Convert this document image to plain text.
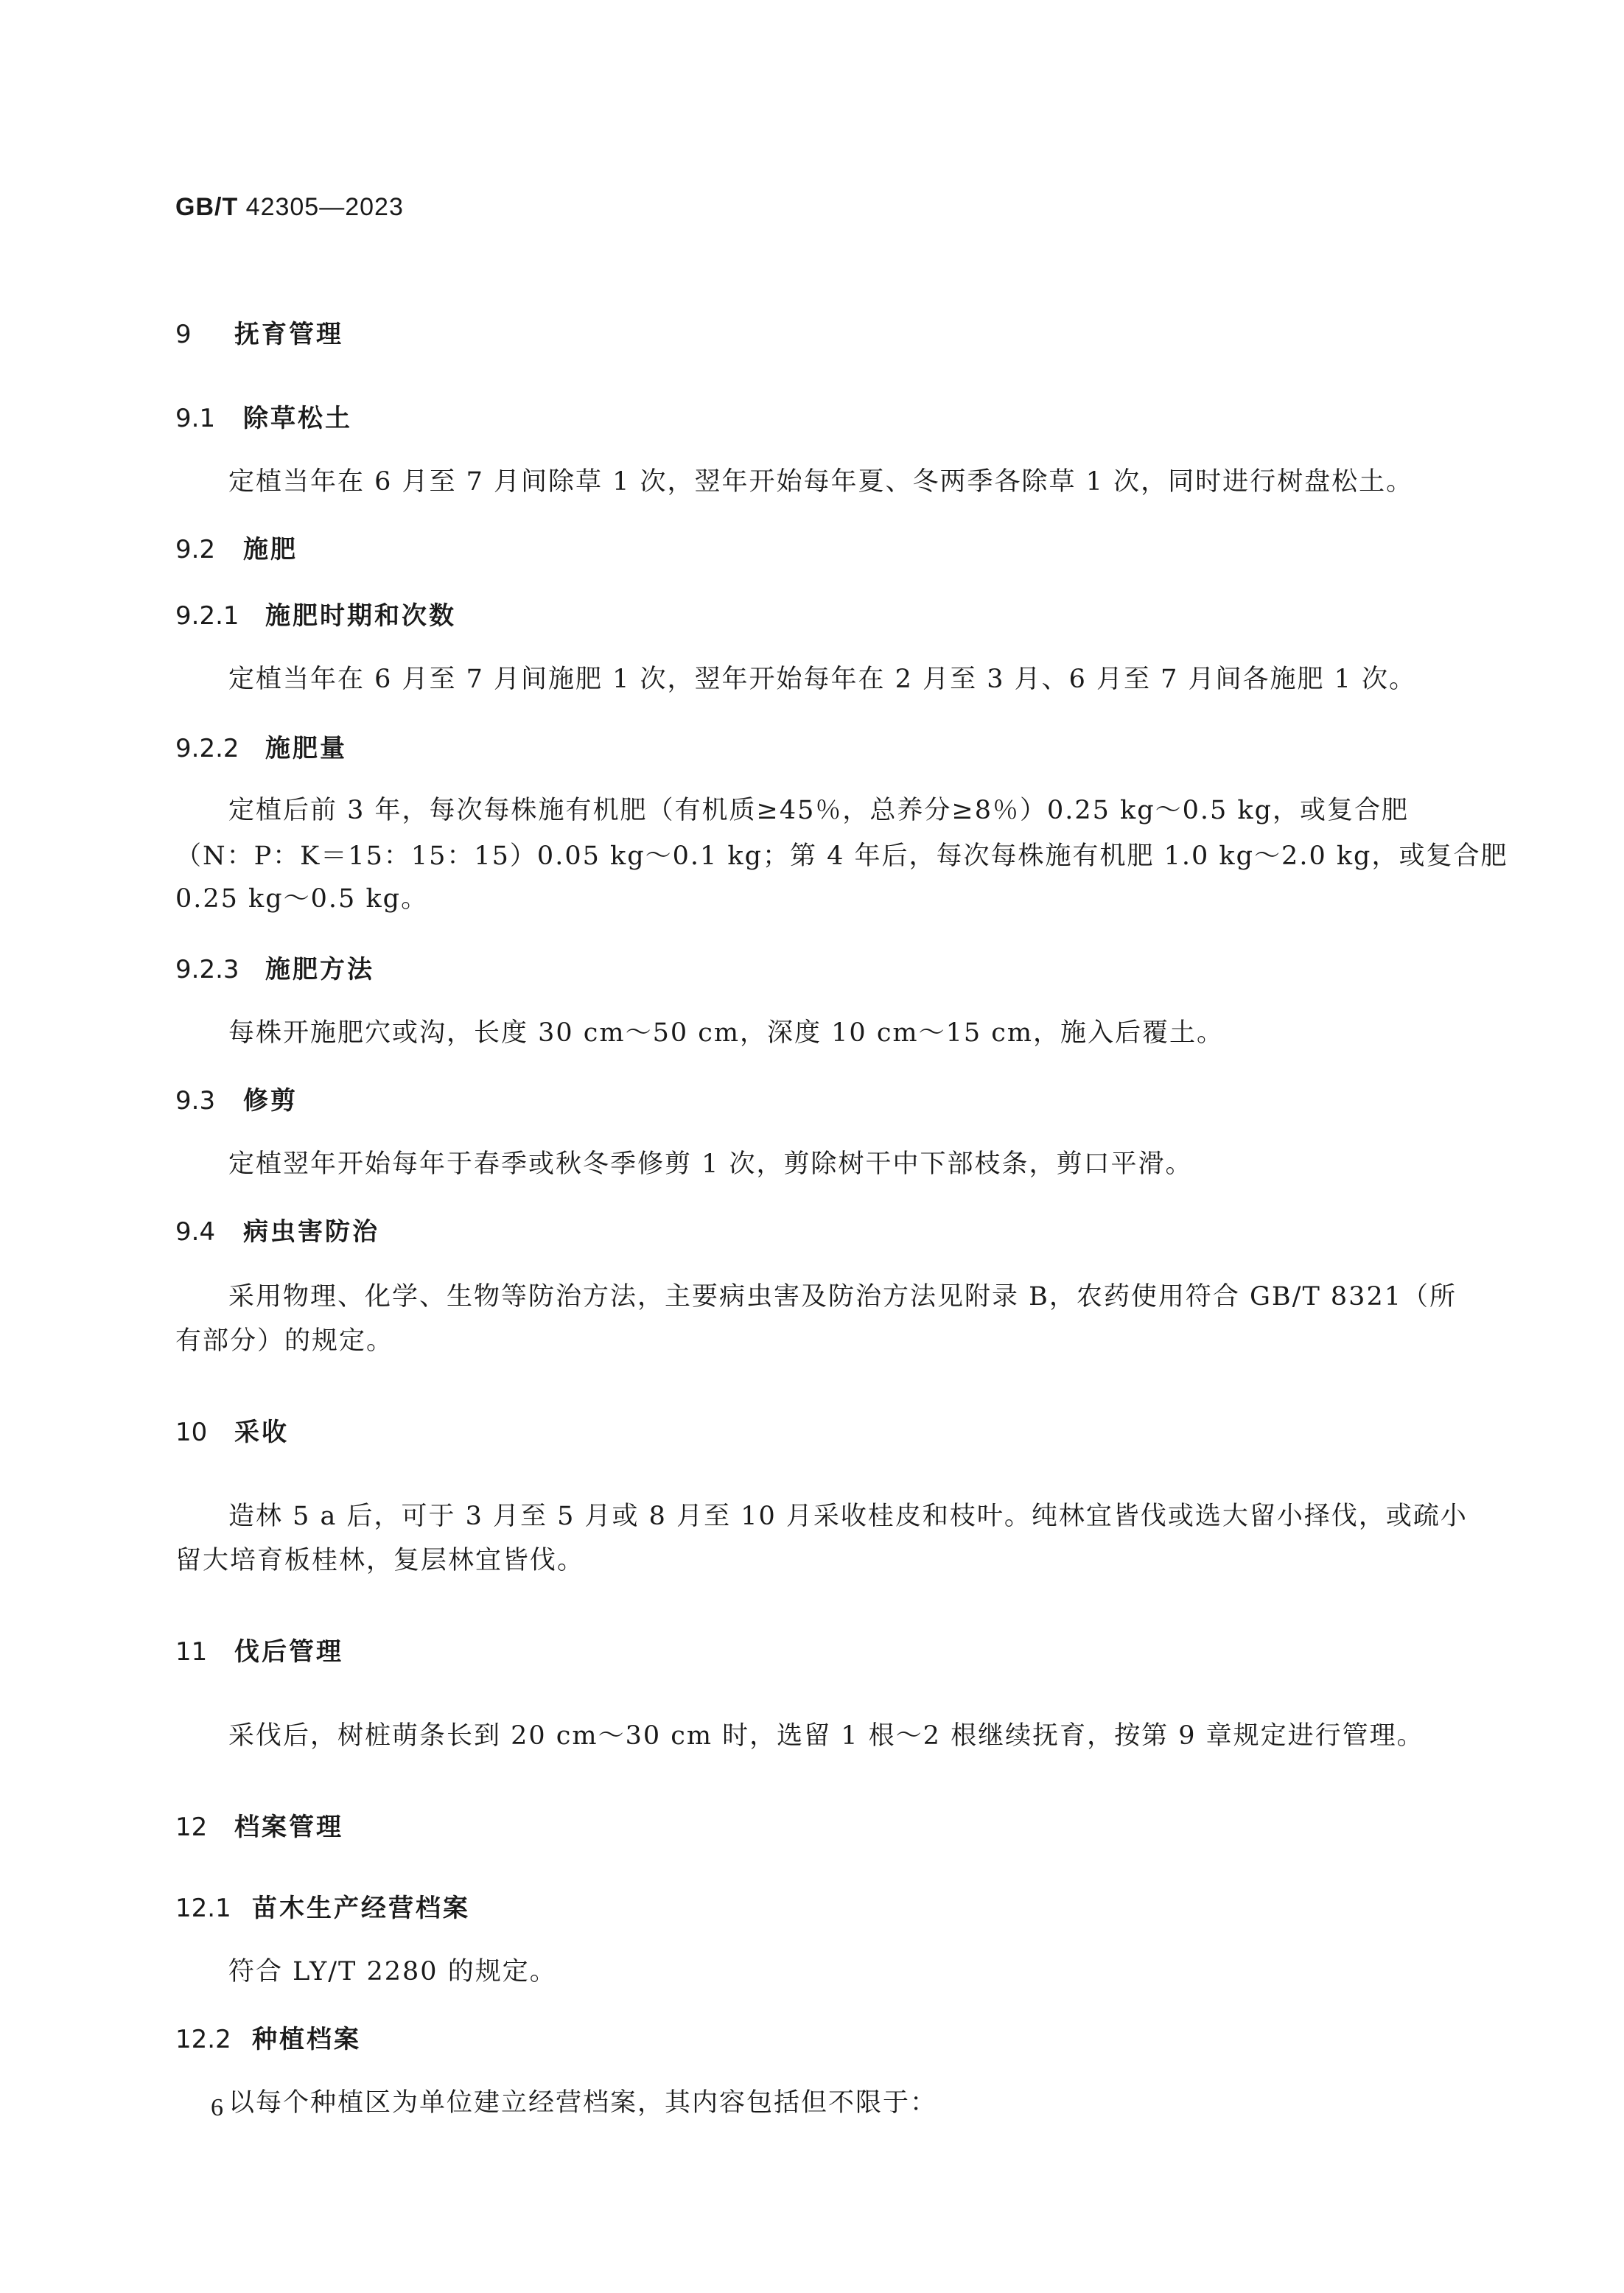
GB/T 42305—2023
9 抚育管理
9.1 除草松土
定植当年在 6 月至 7 月间除草 1 次，翌年开始每年夏、冬两季各除草 1 次，同时进行树盘松土。
9.2 施肥
9.2.1 施肥时期和次数
定植当年在 6 月至 7 月间施肥 1 次，翌年开始每年在 2 月至 3 月、6 月至 7 月间各施肥 1 次。
9.2.2 施肥量
定植后前 3 年，每次每株施有机肥（有机质≥45％，总养分≥8％）0.25 kg～0.5 kg，或复合肥
（N：P：K＝15：15：15）0.05 kg～0.1 kg；第 4 年后，每次每株施有机肥 1.0 kg～2.0 kg，或复合肥
0.25 kg～0.5 kg。
9.2.3 施肥方法
每株开施肥穴或沟，长度 30 cm～50 cm，深度 10 cm～15 cm，施入后覆土。
9.3 修剪
定植翌年开始每年于春季或秋冬季修剪 1 次，剪除树干中下部枝条，剪口平滑。
9.4 病虫害防治
采用物理、化学、生物等防治方法，主要病虫害及防治方法见附录 B，农药使用符合 GB/T 8321（所
有部分）的规定。
10 采收
造林 5 a 后，可于 3 月至 5 月或 8 月至 10 月采收桂皮和枝叶。纯林宜皆伐或选大留小择伐，或疏小
留大培育板桂林，复层林宜皆伐。
11 伐后管理
采伐后，树桩萌条长到 20 cm～30 cm 时，选留 1 根～2 根继续抚育，按第 9 章规定进行管理。
12 档案管理
12.1 苗木生产经营档案
符合 LY/T 2280 的规定。
12.2 种植档案
以每个种植区为单位建立经营档案，其内容包括但不限于：
6
